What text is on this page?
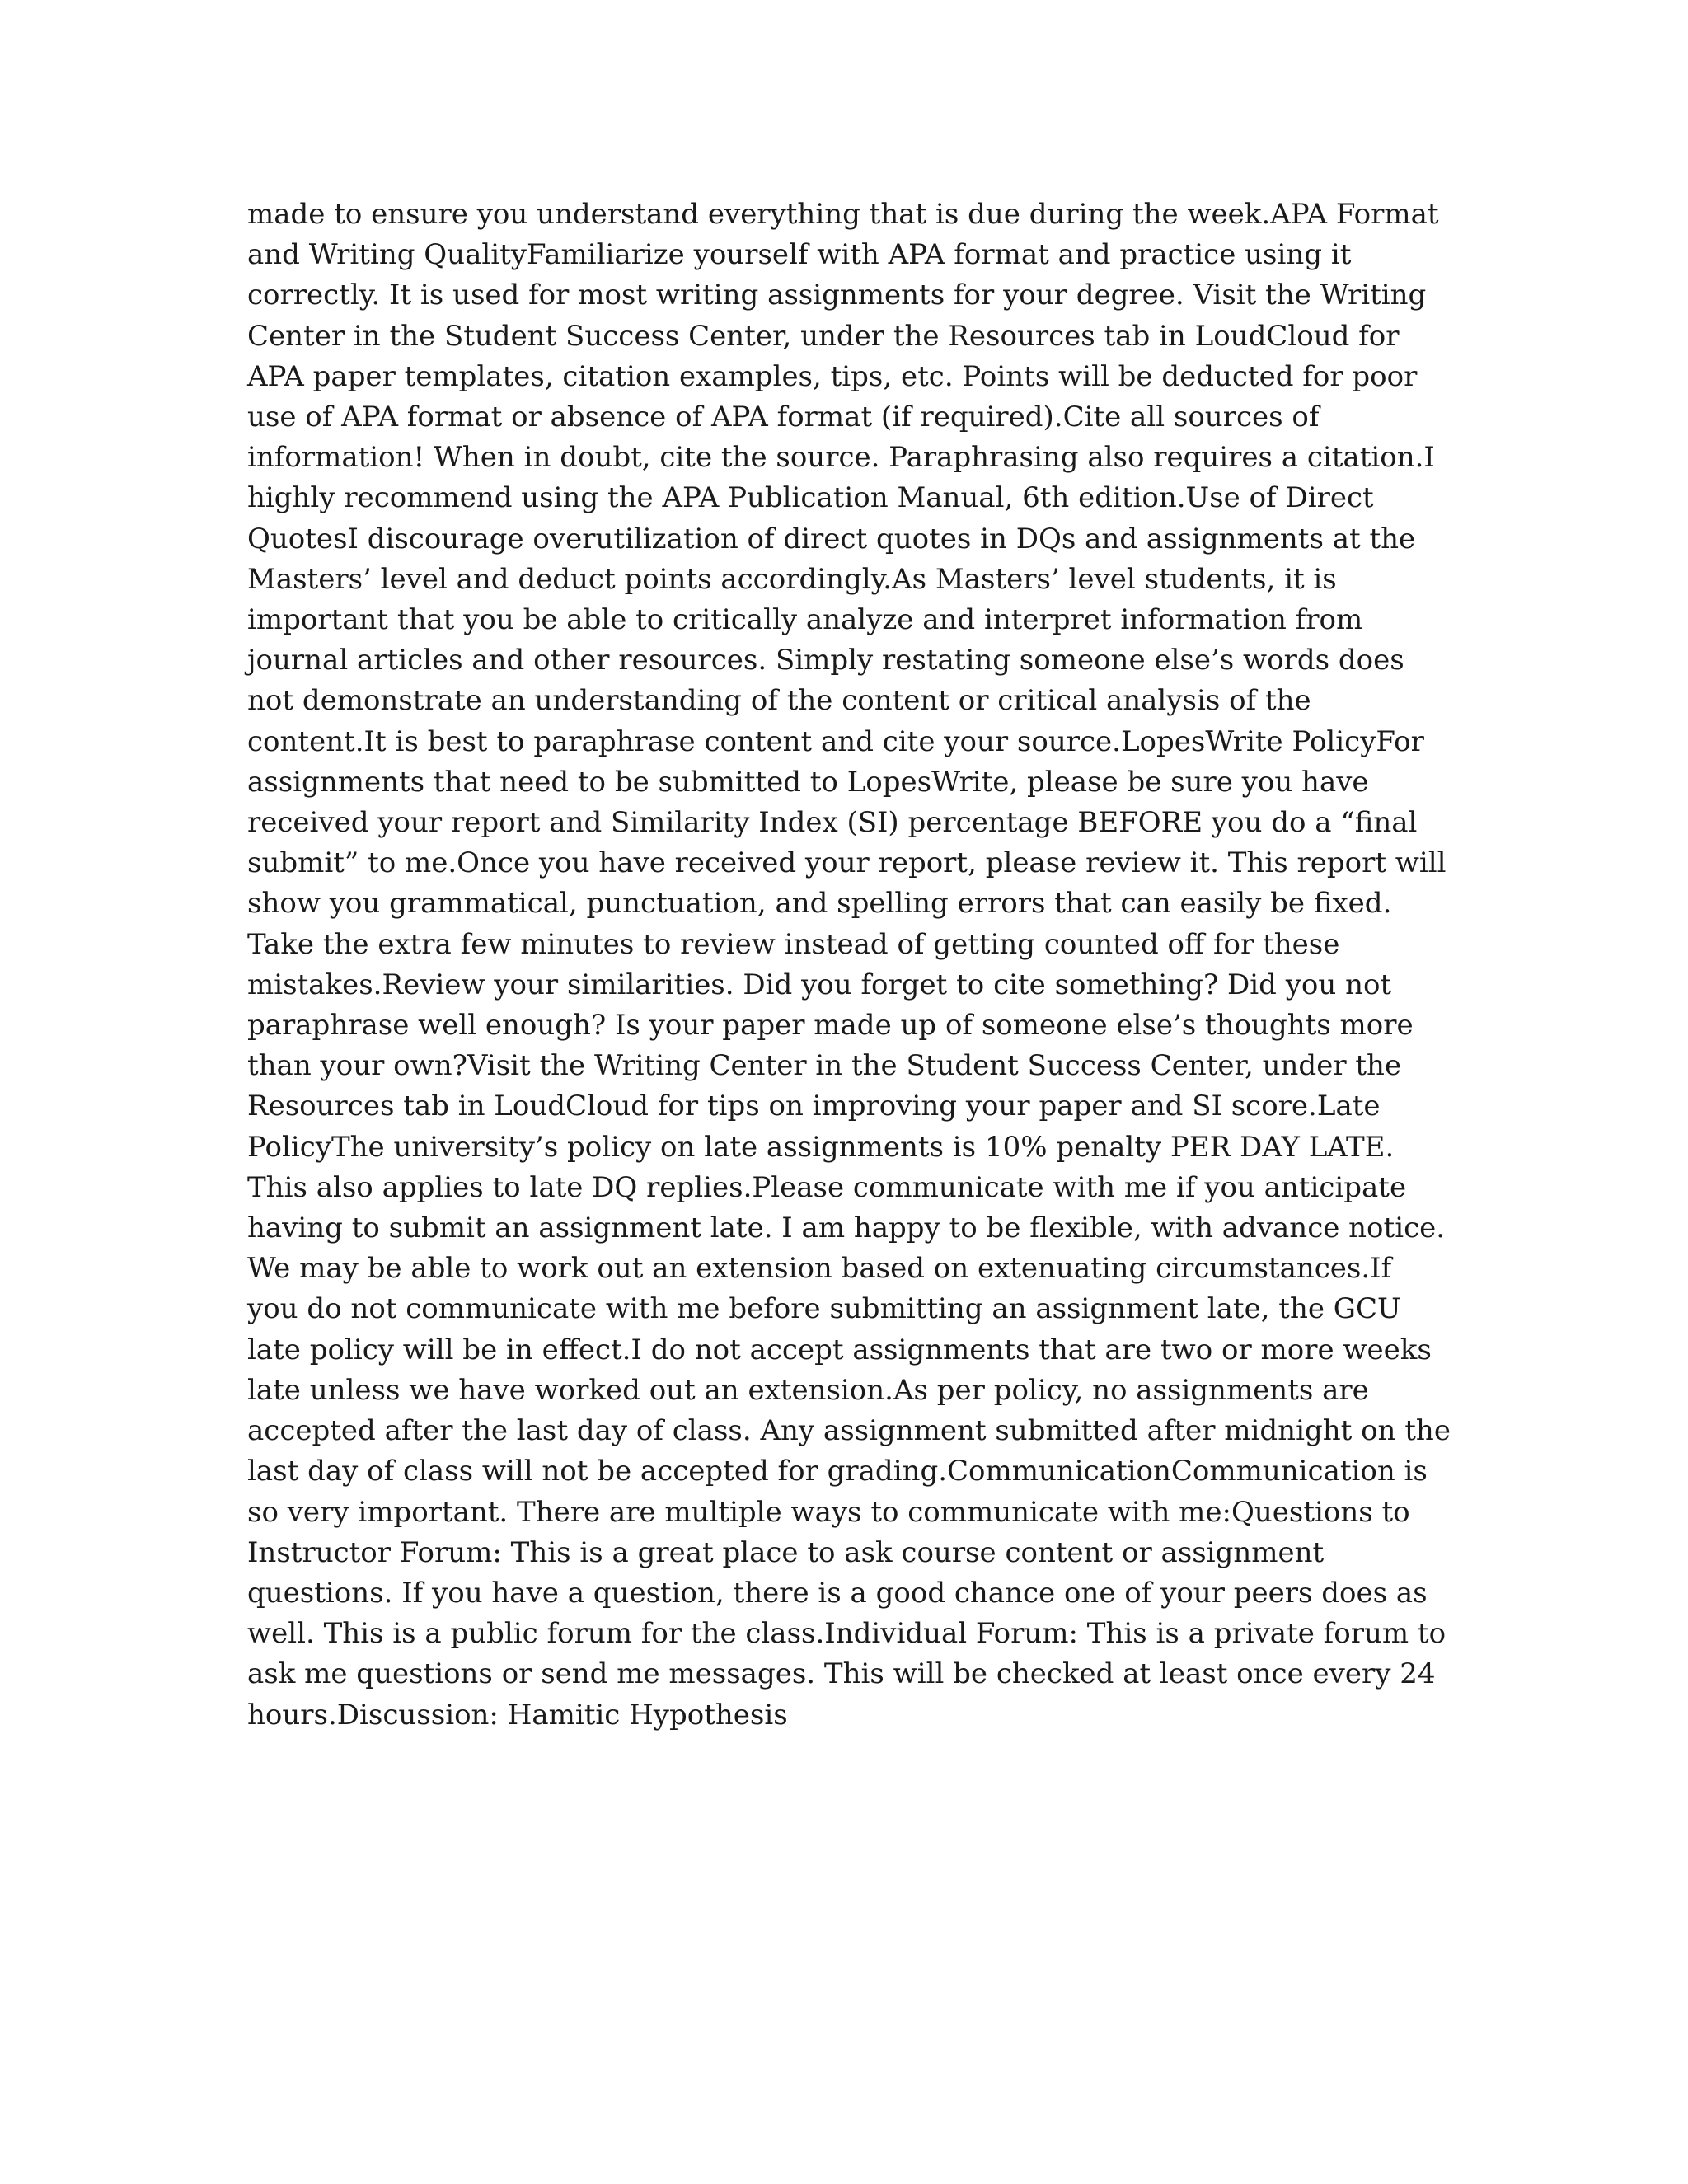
made to ensure you understand everything that is due during the week.APA Format and Writing QualityFamiliarize yourself with APA format and practice using it correctly. It is used for most writing assignments for your degree. Visit the Writing Center in the Student Success Center, under the Resources tab in LoudCloud for APA paper templates, citation examples, tips, etc. Points will be deducted for poor use of APA format or absence of APA format (if required).Cite all sources of information! When in doubt, cite the source. Paraphrasing also requires a citation.I highly recommend using the APA Publication Manual, 6th edition.Use of Direct QuotesI discourage overutilization of direct quotes in DQs and assignments at the Masters’ level and deduct points accordingly.As Masters’ level students, it is important that you be able to critically analyze and interpret information from journal articles and other resources. Simply restating someone else’s words does not demonstrate an understanding of the content or critical analysis of the content.It is best to paraphrase content and cite your source.LopesWrite PolicyFor assignments that need to be submitted to LopesWrite, please be sure you have received your report and Similarity Index (SI) percentage BEFORE you do a “final submit” to me.Once you have received your report, please review it. This report will show you grammatical, punctuation, and spelling errors that can easily be fixed. Take the extra few minutes to review instead of getting counted off for these mistakes.Review your similarities. Did you forget to cite something? Did you not paraphrase well enough? Is your paper made up of someone else’s thoughts more than your own?Visit the Writing Center in the Student Success Center, under the Resources tab in LoudCloud for tips on improving your paper and SI score.Late PolicyThe university’s policy on late assignments is 10% penalty PER DAY LATE. This also applies to late DQ replies.Please communicate with me if you anticipate having to submit an assignment late. I am happy to be flexible, with advance notice. We may be able to work out an extension based on extenuating circumstances.If you do not communicate with me before submitting an assignment late, the GCU late policy will be in effect.I do not accept assignments that are two or more weeks late unless we have worked out an extension.As per policy, no assignments are accepted after the last day of class. Any assignment submitted after midnight on the last day of class will not be accepted for grading.CommunicationCommunication is so very important. There are multiple ways to communicate with me:Questions to Instructor Forum: This is a great place to ask course content or assignment questions. If you have a question, there is a good chance one of your peers does as well. This is a public forum for the class.Individual Forum: This is a private forum to ask me questions or send me messages. This will be checked at least once every 24 hours.Discussion: Hamitic Hypothesis
